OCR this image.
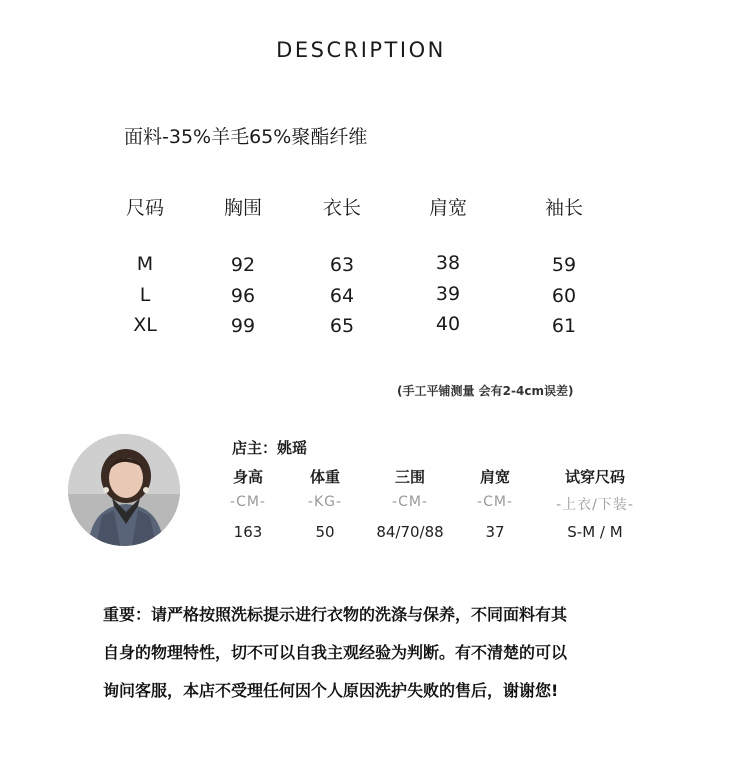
DESCRIPTION
面料-35%羊毛65%聚酯纤维
尺码	胸围	衣长	肩宽	袖长
M	92	63	38	59
L	96	64	39	60
XL	99	65	40	61
(手工平铺测量 会有2-4cm误差)
店主：姚瑶
身高	体重	三围	肩宽	试穿尺码
-CM-	-KG-	-CM-	-CM-	-上衣/下装-
163	50	84/70/88	37	S-M / M

重要：请严格按照洗标提示进行衣物的洗涤与保养，不同面料有其

自身的物理特性，切不可以自我主观经验为判断。有不清楚的可以

询问客服，本店不受理任何因个人原因洗护失败的售后，谢谢您!
